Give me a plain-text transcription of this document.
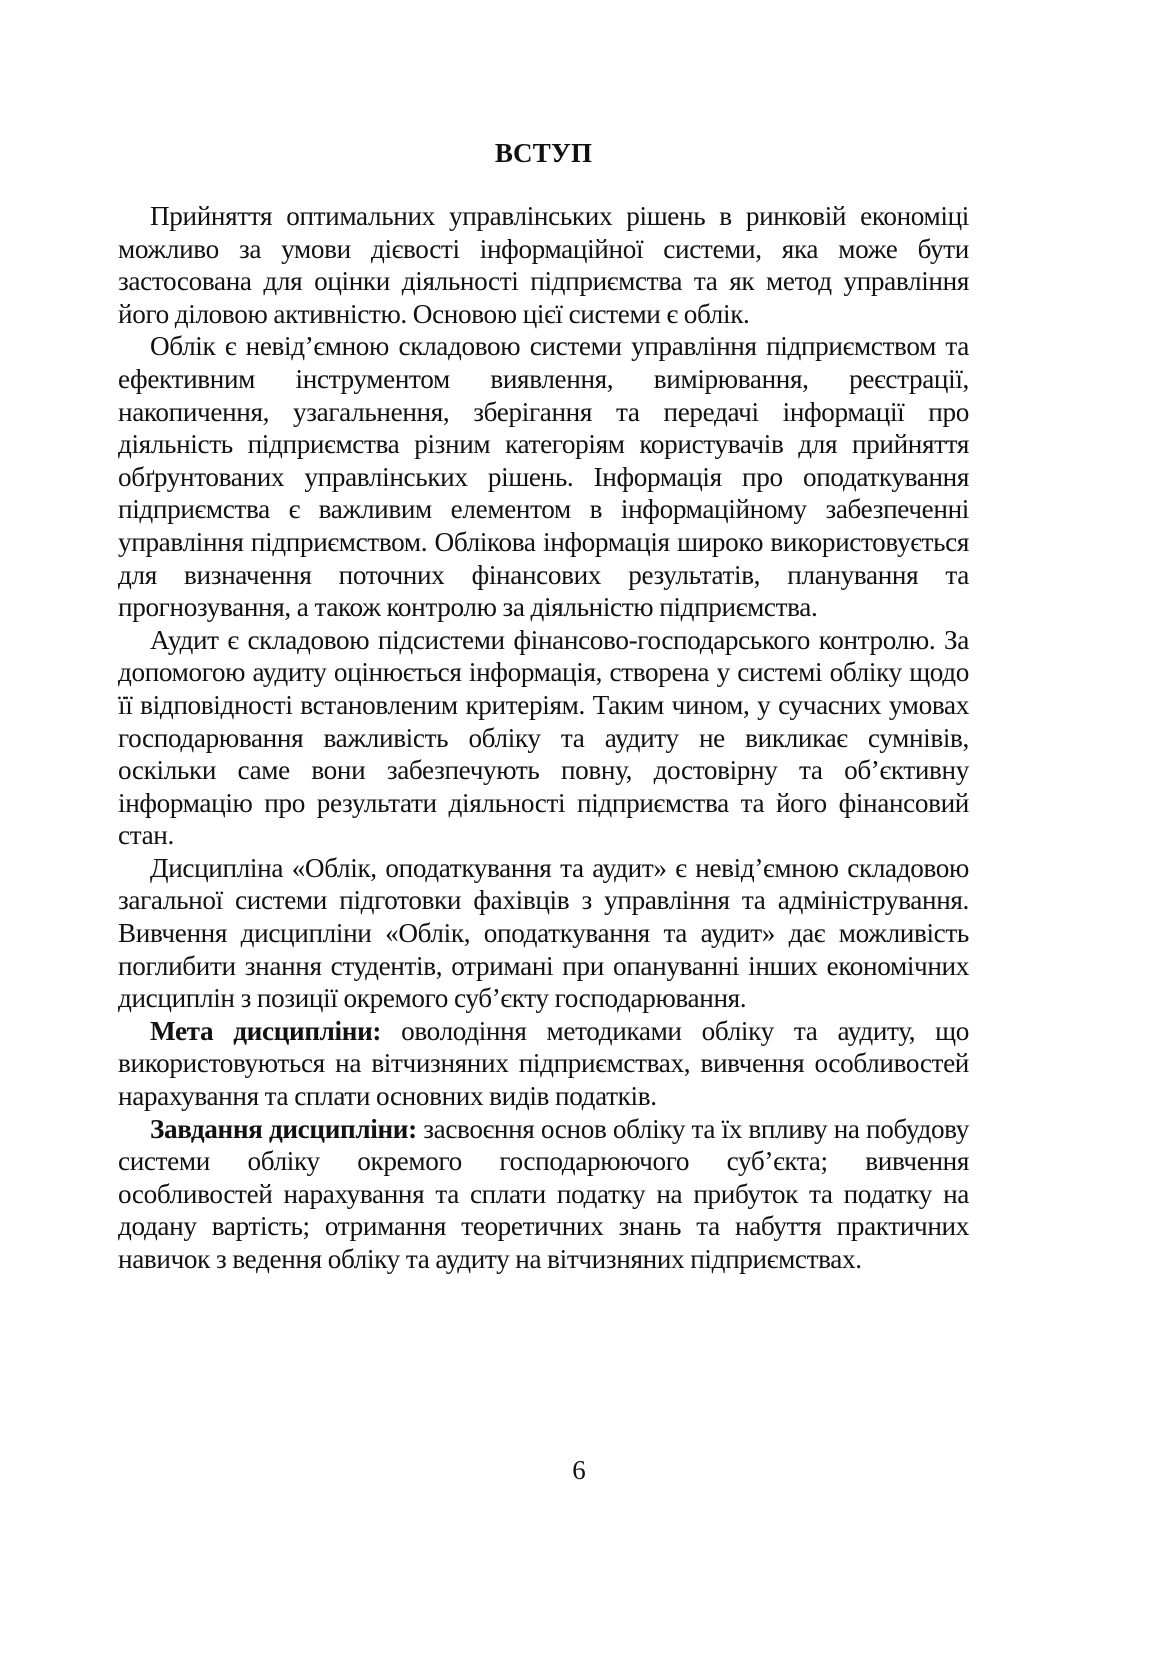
ВСТУП

Прийняття оптимальних управлінських рішень в ринковій економіці можливо за умови дієвості інформаційної системи, яка може бути застосована для оцінки діяльності підприємства та як метод управління його діловою активністю. Основою цієї системи є облік.

Облік є невід’ємною складовою системи управління підприємством та ефективним інструментом виявлення, вимірювання, реєстрації, накопичення, узагальнення, зберігання та передачі інформації про діяльність підприємства різним категоріям користувачів для прийняття обґрунтованих управлінських рішень. Інформація про оподаткування підприємства є важливим елементом в інформаційному забезпеченні управління підприємством. Облікова інформація широко використовується для визначення поточних фінансових результатів, планування та прогнозування, а також контролю за діяльністю підприємства.

Аудит є складовою підсистеми фінансово-господарського контролю. За допомогою аудиту оцінюється інформація, створена у системі обліку щодо її відповідності встановленим критеріям. Таким чином, у сучасних умовах господарювання важливість обліку та аудиту не викликає сумнівів, оскільки саме вони забезпечують повну, достовірну та об’єктивну інформацію про результати діяльності підприємства та його фінансовий стан.

Дисципліна «Облік, оподаткування та аудит» є невід’ємною складовою загальної системи підготовки фахівців з управління та адміністрування. Вивчення дисципліни «Облік, оподаткування та аудит» дає можливість поглибити знання студентів, отримані при опануванні інших економічних дисциплін з позиції окремого суб’єкту господарювання.

Мета дисципліни: оволодіння методиками обліку та аудиту, що використовуються на вітчизняних підприємствах, вивчення особливостей нарахування та сплати основних видів податків.

Завдання дисципліни: засвоєння основ обліку та їх впливу на побудову системи обліку окремого господарюючого суб’єкта; вивчення особливостей нарахування та сплати податку на прибуток та податку на додану вартість; отримання теоретичних знань та набуття практичних навичок з ведення обліку та аудиту на вітчизняних підприємствах.

6
